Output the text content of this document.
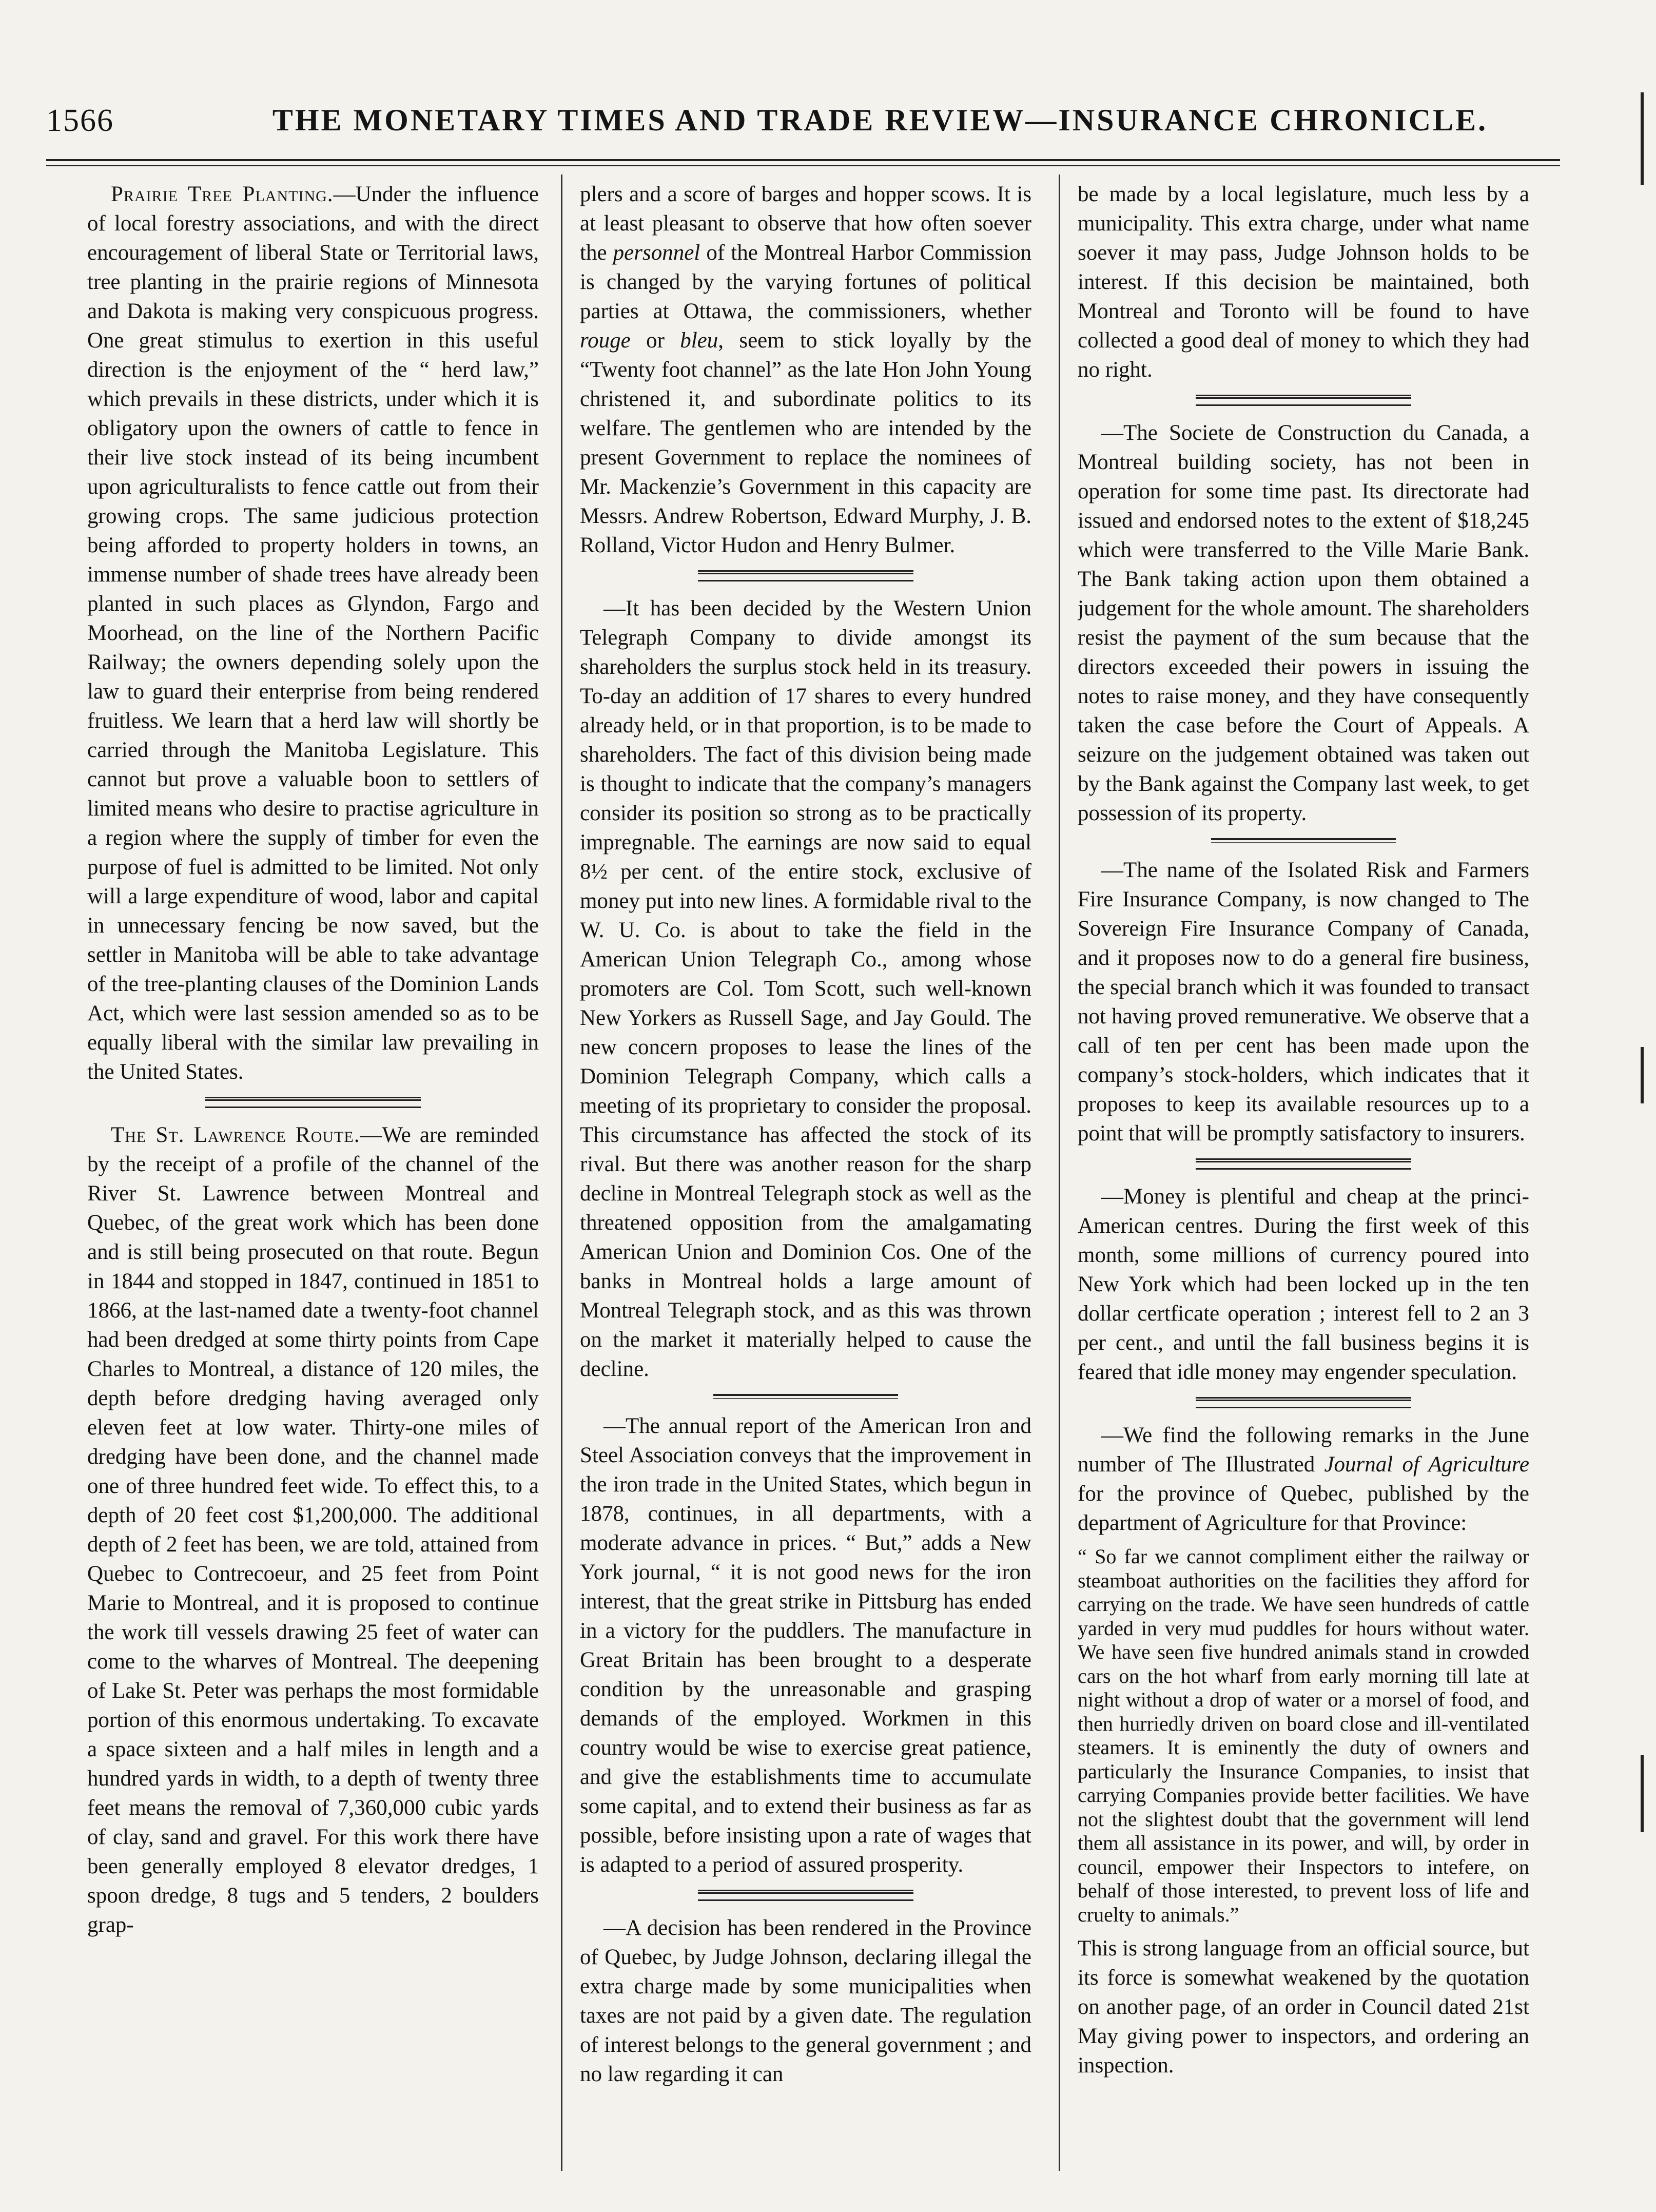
1566	THE MONETARY TIMES AND TRADE REVIEW—INSURANCE CHRONICLE.

Prairie Tree Planting.—Under the influence of local forestry associations, and with the direct encouragement of liberal State or Territorial laws, tree planting in the prairie regions of Minnesota and Dakota is making very conspicuous progress. One great stimulus to exertion in this useful direction is the enjoyment of the “ herd law,” which prevails in these districts, under which it is obligatory upon the owners of cattle to fence in their live stock instead of its being incumbent upon agriculturalists to fence cattle out from their growing crops. The same judicious protection being afforded to property holders in towns, an immense number of shade trees have already been planted in such places as Glyndon, Fargo and Moorhead, on the line of the Northern Pacific Railway; the owners depending solely upon the law to guard their enterprise from being rendered fruitless. We learn that a herd law will shortly be carried through the Manitoba Legislature. This cannot but prove a valuable boon to settlers of limited means who desire to practise agriculture in a region where the supply of timber for even the purpose of fuel is admitted to be limited. Not only will a large expenditure of wood, labor and capital in unnecessary fencing be now saved, but the settler in Manitoba will be able to take advantage of the tree-planting clauses of the Dominion Lands Act, which were last session amended so as to be equally liberal with the similar law prevailing in the United States.

The St. Lawrence Route.—We are reminded by the receipt of a profile of the channel of the River St. Lawrence between Montreal and Quebec, of the great work which has been done and is still being prosecuted on that route. Begun in 1844 and stopped in 1847, continued in 1851 to 1866, at the last-named date a twenty-foot channel had been dredged at some thirty points from Cape Charles to Montreal, a distance of 120 miles, the depth before dredging having averaged only eleven feet at low water. Thirty-one miles of dredging have been done, and the channel made one of three hundred feet wide. To effect this, to a depth of 20 feet cost $1,200,000. The additional depth of 2 feet has been, we are told, attained from Quebec to Contrecoeur, and 25 feet from Point Marie to Montreal, and it is proposed to continue the work till vessels drawing 25 feet of water can come to the wharves of Montreal. The deepening of Lake St. Peter was perhaps the most formidable portion of this enormous undertaking. To excavate a space sixteen and a half miles in length and a hundred yards in width, to a depth of twenty three feet means the removal of 7,360,000 cubic yards of clay, sand and gravel. For this work there have been generally employed 8 elevator dredges, 1 spoon dredge, 8 tugs and 5 tenders, 2 boulders grap-

plers and a score of barges and hopper scows. It is at least pleasant to observe that how often soever the personnel of the Montreal Harbor Commission is changed by the varying fortunes of political parties at Ottawa, the commissioners, whether rouge or bleu, seem to stick loyally by the “Twenty foot channel” as the late Hon John Young christened it, and subordinate politics to its welfare. The gentlemen who are intended by the present Government to replace the nominees of Mr. Mackenzie’s Government in this capacity are Messrs. Andrew Robertson, Edward Murphy, J. B. Rolland, Victor Hudon and Henry Bulmer.

—It has been decided by the Western Union Telegraph Company to divide amongst its shareholders the surplus stock held in its treasury. To-day an addition of 17 shares to every hundred already held, or in that proportion, is to be made to shareholders. The fact of this division being made is thought to indicate that the company’s managers consider its position so strong as to be practically impregnable. The earnings are now said to equal 8½ per cent. of the entire stock, exclusive of money put into new lines. A formidable rival to the W. U. Co. is about to take the field in the American Union Telegraph Co., among whose promoters are Col. Tom Scott, such well-known New Yorkers as Russell Sage, and Jay Gould. The new concern proposes to lease the lines of the Dominion Telegraph Company, which calls a meeting of its proprietary to consider the proposal. This circumstance has affected the stock of its rival. But there was another reason for the sharp decline in Montreal Telegraph stock as well as the threatened opposition from the amalgamating American Union and Dominion Cos. One of the banks in Montreal holds a large amount of Montreal Telegraph stock, and as this was thrown on the market it materially helped to cause the decline.

—The annual report of the American Iron and Steel Association conveys that the improvement in the iron trade in the United States, which begun in 1878, continues, in all departments, with a moderate advance in prices. “ But,” adds a New York journal, “ it is not good news for the iron interest, that the great strike in Pittsburg has ended in a victory for the puddlers. The manufacture in Great Britain has been brought to a desperate condition by the unreasonable and grasping demands of the employed. Workmen in this country would be wise to exercise great patience, and give the establishments time to accumulate some capital, and to extend their business as far as possible, before insisting upon a rate of wages that is adapted to a period of assured prosperity.

—A decision has been rendered in the Province of Quebec, by Judge Johnson, declaring illegal the extra charge made by some municipalities when taxes are not paid by a given date. The regulation of interest belongs to the general government ; and no law regarding it can

be made by a local legislature, much less by a municipality. This extra charge, under what name soever it may pass, Judge Johnson holds to be interest. If this decision be maintained, both Montreal and Toronto will be found to have collected a good deal of money to which they had no right.

—The Societe de Construction du Canada, a Montreal building society, has not been in operation for some time past. Its directorate had issued and endorsed notes to the extent of $18,245 which were transferred to the Ville Marie Bank. The Bank taking action upon them obtained a judgement for the whole amount. The shareholders resist the payment of the sum because that the directors exceeded their powers in issuing the notes to raise money, and they have consequently taken the case before the Court of Appeals. A seizure on the judgement obtained was taken out by the Bank against the Company last week, to get possession of its property.

—The name of the Isolated Risk and Farmers Fire Insurance Company, is now changed to The Sovereign Fire Insurance Company of Canada, and it proposes now to do a general fire business, the special branch which it was founded to transact not having proved remunerative. We observe that a call of ten per cent has been made upon the company’s stock-holders, which indicates that it proposes to keep its available resources up to a point that will be promptly satisfactory to insurers.

—Money is plentiful and cheap at the princi- American centres. During the first week of this month, some millions of currency poured into New York which had been locked up in the ten dollar certficate operation ; interest fell to 2 an 3 per cent., and until the fall business begins it is feared that idle money may engender speculation.

—We find the following remarks in the June number of The Illustrated Journal of Agriculture for the province of Quebec, published by the department of Agriculture for that Province:

“ So far we cannot compliment either the railway or steamboat authorities on the facilities they afford for carrying on the trade. We have seen hundreds of cattle yarded in very mud puddles for hours without water. We have seen five hundred animals stand in crowded cars on the hot wharf from early morning till late at night without a drop of water or a morsel of food, and then hurriedly driven on board close and ill-ventilated steamers. It is eminently the duty of owners and particularly the Insurance Companies, to insist that carrying Companies provide better facilities. We have not the slightest doubt that the government will lend them all assistance in its power, and will, by order in council, empower their Inspectors to intefere, on behalf of those interested, to prevent loss of life and cruelty to animals.”

This is strong language from an official source, but its force is somewhat weakened by the quotation on another page, of an order in Council dated 21st May giving power to inspectors, and ordering an inspection.
